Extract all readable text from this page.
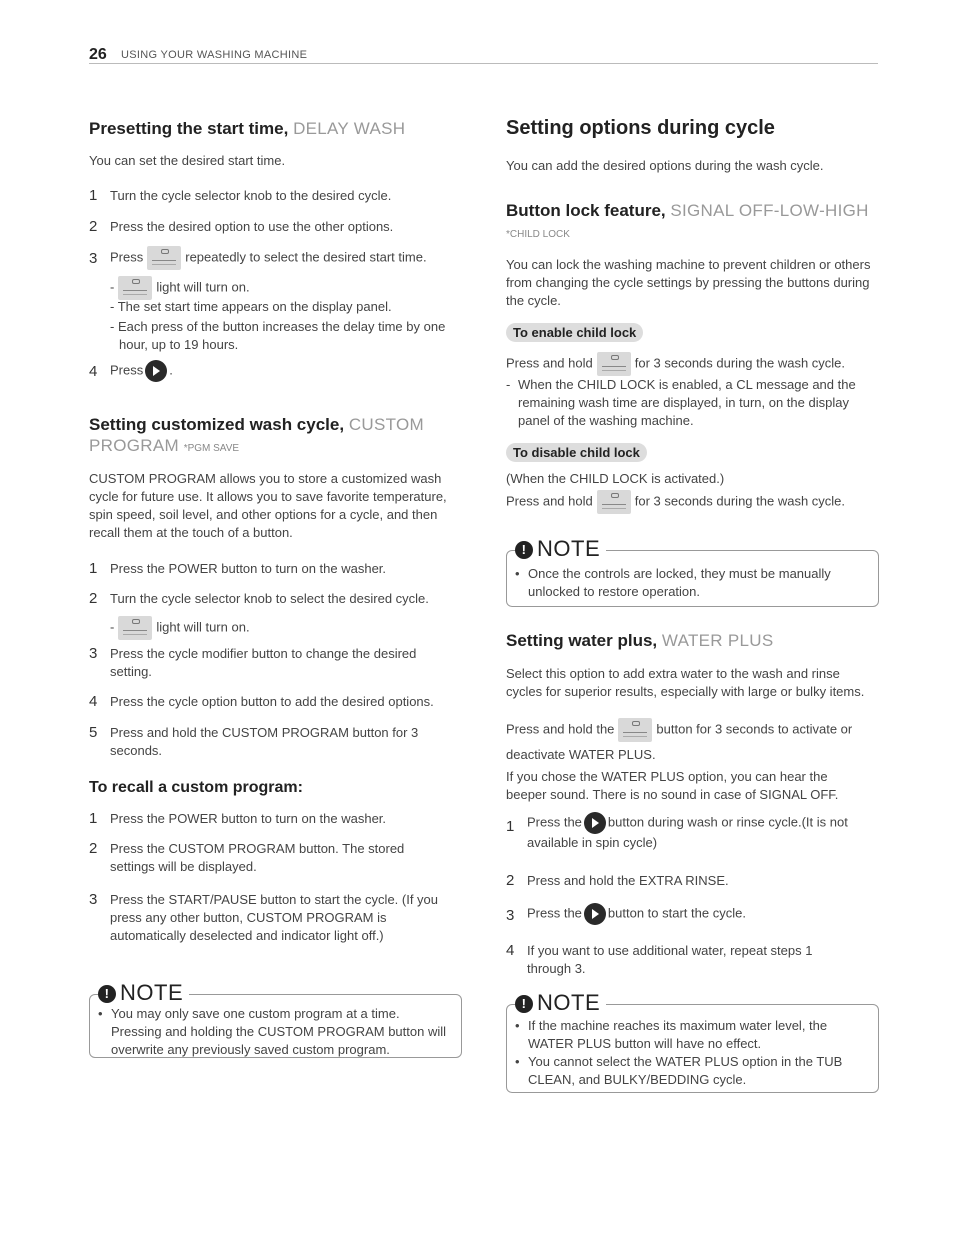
26 USING YOUR WASHING MACHINE
Presetting the start time, DELAY WASH
You can set the desired start time.
1 Turn the cycle selector knob to the desired cycle.
2 Press the desired option to use the other options.
3 Press	repeatedly to select the desired start time.
-	light will turn on.
- The set start time appears on the display panel.
- Each press of the button increases the delay time by one hour, up to 19 hours.
4 Press .
Setting customized wash cycle, CUSTOM PROGRAM *PGM SAVE
CUSTOM PROGRAM allows you to store a customized wash cycle for future use. It allows you to save favorite temperature, spin speed, soil level, and other options for a cycle, and then recall them at the touch of a button.
1 Press the POWER button to turn on the washer.
2 Turn the cycle selector knob to select the desired cycle.
-	light will turn on.
3 Press the cycle modifier button to change the desired setting.
4 Press the cycle option button to add the desired options.
5 Press and hold the CUSTOM PROGRAM button for 3 seconds.
To recall a custom program:
1 Press the POWER button to turn on the washer.
2 Press the CUSTOM PROGRAM button. The stored settings will be displayed.
3 Press the START/PAUSE button to start the cycle. (If you press any other button, CUSTOM PROGRAM is automatically deselected and indicator light off.)
! NOTE
• You may only save one custom program at a time. Pressing and holding the CUSTOM PROGRAM button will overwrite any previously saved custom program.
Setting options during cycle
You can add the desired options during the wash cycle.
Button lock feature, SIGNAL OFF-LOW-HIGH *CHILD LOCK
You can lock the washing machine to prevent children or others from changing the cycle settings by pressing the buttons during the cycle.
To enable child lock
Press and hold	for 3 seconds during the wash cycle.
- When the CHILD LOCK is enabled, a CL message and the remaining wash time are displayed, in turn, on the display panel of the washing machine.
To disable child lock
(When the CHILD LOCK is activated.)
Press and hold	for 3 seconds during the wash cycle.
! NOTE
• Once the controls are locked, they must be manually unlocked to restore operation.
Setting water plus, WATER PLUS
Select this option to add extra water to the wash and rinse cycles for superior results, especially with large or bulky items.
Press and hold the	button for 3 seconds to activate or
deactivate WATER PLUS.
If you chose the WATER PLUS option, you can hear the beeper sound. There is no sound in case of SIGNAL OFF.
1 Press the button during wash or rinse cycle.(It is not available in spin cycle)
2 Press and hold the EXTRA RINSE.
3 Press the button to start the cycle.
4 If you want to use additional water, repeat steps 1 through 3.
! NOTE
• If the machine reaches its maximum water level, the WATER PLUS button will have no effect.
• You cannot select the WATER PLUS option in the TUB CLEAN, and BULKY/BEDDING cycle.
